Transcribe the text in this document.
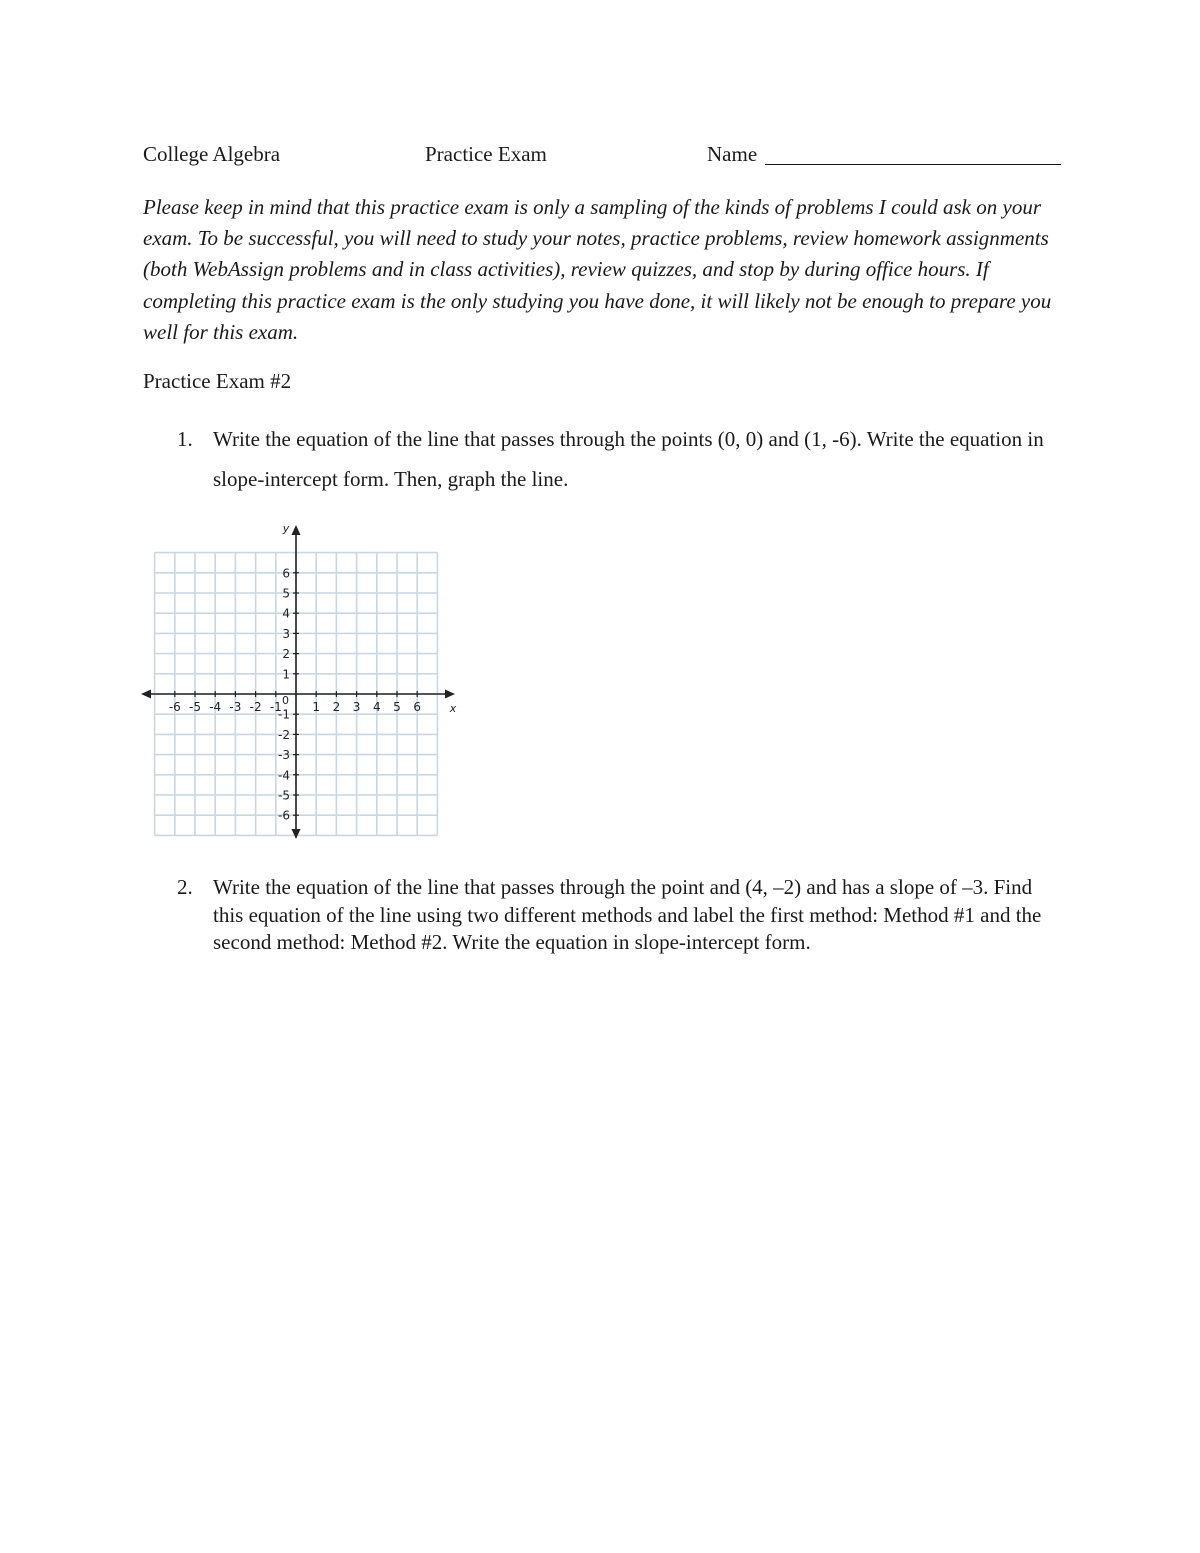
College Algebra	Practice Exam	Name
Please keep in mind that this practice exam is only a sampling of the kinds of problems I could ask on your exam. To be successful, you will need to study your notes, practice problems, review homework assignments (both WebAssign problems and in class activities), review quizzes, and stop by during office hours. If completing this practice exam is the only studying you have done, it will likely not be enough to prepare you well for this exam.
Practice Exam #2
1. Write the equation of the line that passes through the points (0, 0) and (1, -6). Write the equation in slope-intercept form. Then, graph the line.
-6 -5 -4 -3 -2 -1	1 2 3 4 5 6
6
5
4
3
2
1
-1
-2
-3
-4
-5
-6
0
x
y
2. Write the equation of the line that passes through the point and (4, –2) and has a slope of –3. Find this equation of the line using two different methods and label the first method: Method #1 and the second method: Method #2. Write the equation in slope-intercept form.
